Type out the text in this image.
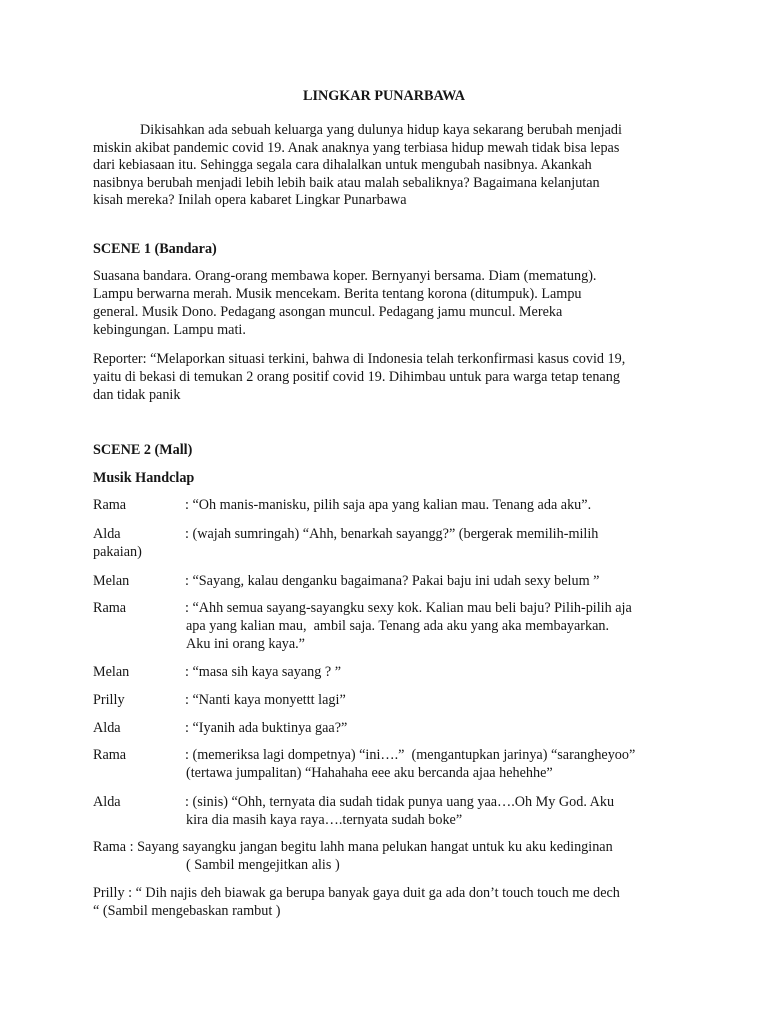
LINGKAR PUNARBAWA
Dikisahkan ada sebuah keluarga yang dulunya hidup kaya sekarang berubah menjadi
miskin akibat pandemic covid 19. Anak anaknya yang terbiasa hidup mewah tidak bisa lepas
dari kebiasaan itu. Sehingga segala cara dihalalkan untuk mengubah nasibnya. Akankah
nasibnya berubah menjadi lebih lebih baik atau malah sebaliknya? Bagaimana kelanjutan
kisah mereka? Inilah opera kabaret Lingkar Punarbawa
SCENE 1 (Bandara)
Suasana bandara. Orang-orang membawa koper. Bernyanyi bersama. Diam (mematung).
Lampu berwarna merah. Musik mencekam. Berita tentang korona (ditumpuk). Lampu
general. Musik Dono. Pedagang asongan muncul. Pedagang jamu muncul. Mereka
kebingungan. Lampu mati.
Reporter: “Melaporkan situasi terkini, bahwa di Indonesia telah terkonfirmasi kasus covid 19,
yaitu di bekasi di temukan 2 orang positif covid 19. Dihimbau untuk para warga tetap tenang
dan tidak panik
SCENE 2 (Mall)
Musik Handclap
Rama	: “Oh manis-manisku, pilih saja apa yang kalian mau. Tenang ada aku”.
Alda	: (wajah sumringah) “Ahh, benarkah sayangg?” (bergerak memilih-milih
pakaian)
Melan	: “Sayang, kalau denganku bagaimana? Pakai baju ini udah sexy belum ”
Rama	: “Ahh semua sayang-sayangku sexy kok. Kalian mau beli baju? Pilih-pilih aja
apa yang kalian mau,  ambil saja. Tenang ada aku yang aka membayarkan.
Aku ini orang kaya.”
Melan	: “masa sih kaya sayang ? ”
Prilly	: “Nanti kaya monyettt lagi”
Alda	: “Iyanih ada buktinya gaa?”
Rama	: (memeriksa lagi dompetnya) “ini….”  (mengantupkan jarinya) “sarangheyoo”
(tertawa jumpalitan) “Hahahaha eee aku bercanda ajaa hehehhe”
Alda	: (sinis) “Ohh, ternyata dia sudah tidak punya uang yaa….Oh My God. Aku
kira dia masih kaya raya….ternyata sudah boke”
Rama : Sayang sayangku jangan begitu lahh mana pelukan hangat untuk ku aku kedinginan
( Sambil mengejitkan alis )
Prilly : “ Dih najis deh biawak ga berupa banyak gaya duit ga ada don’t touch touch me dech
“ (Sambil mengebaskan rambut )
